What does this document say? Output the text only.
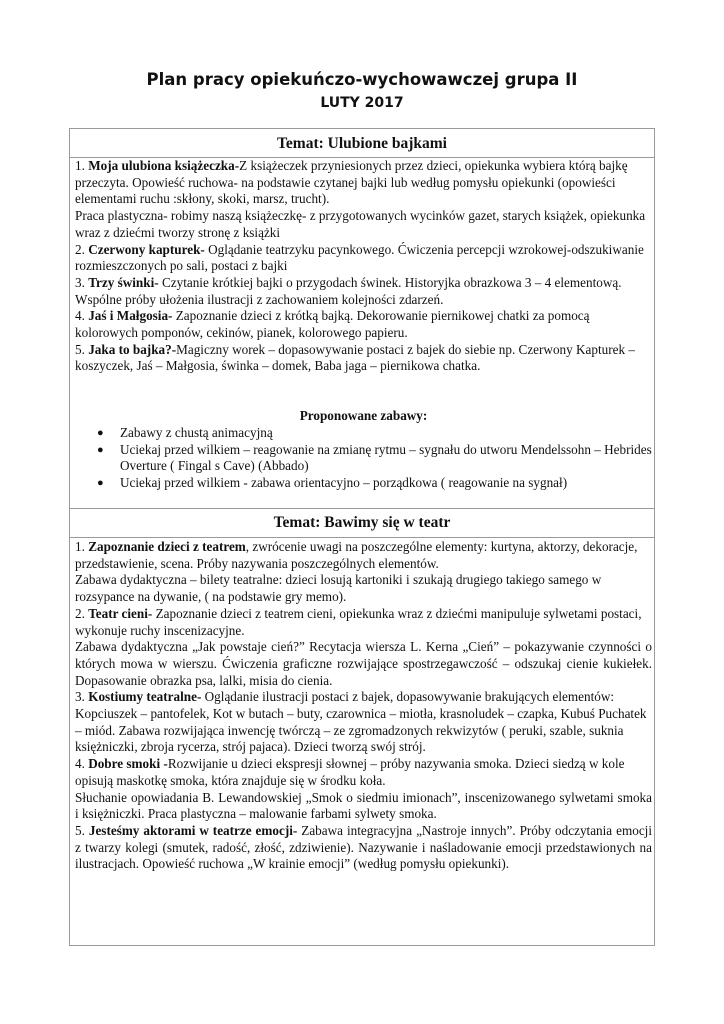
Plan pracy opiekuńczo-wychowawczej grupa II
LUTY 2017
Temat: Ulubione bajkami

1. Moja ulubiona książeczka-Z książeczek przyniesionych przez dzieci, opiekunka wybiera którą bajkę przeczyta. Opowieść ruchowa- na podstawie czytanej bajki lub według pomysłu opiekunki (opowieści elementami ruchu :skłony, skoki, marsz, trucht).

Praca plastyczna- robimy naszą książeczkę- z przygotowanych wycinków gazet, starych książek, opiekunka wraz z dziećmi tworzy stronę z książki

2. Czerwony kapturek- Oglądanie teatrzyku pacynkowego. Ćwiczenia percepcji wzrokowej-odszukiwanie rozmieszczonych po sali, postaci z bajki

3. Trzy świnki- Czytanie krótkiej bajki o przygodach świnek. Historyjka obrazkowa 3 – 4 elementową. Wspólne próby ułożenia ilustracji z zachowaniem kolejności zdarzeń.

4. Jaś i Małgosia- Zapoznanie dzieci z krótką bajką. Dekorowanie piernikowej chatki za pomocą kolorowych pomponów, cekinów, pianek, kolorowego papieru.

5. Jaka to bajka?-Magiczny worek – dopasowywanie postaci z bajek do siebie np. Czerwony Kapturek – koszyczek, Jaś – Małgosia, świnka – domek, Baba jaga – piernikowa chatka.

Proponowane zabawy:

● Zabawy z chustą animacyjną
● Uciekaj przed wilkiem – reagowanie na zmianę rytmu – sygnału do utworu Mendelssohn – Hebrides Overture ( Fingal s Cave) (Abbado)
● Uciekaj przed wilkiem - zabawa orientacyjno – porządkowa ( reagowanie na sygnał)
Temat: Bawimy się w teatr

1. Zapoznanie dzieci z teatrem, zwrócenie uwagi na poszczególne elementy: kurtyna, aktorzy, dekoracje, przedstawienie, scena. Próby nazywania poszczególnych elementów.

Zabawa dydaktyczna – bilety teatralne: dzieci losują kartoniki i szukają drugiego takiego samego w rozsypance na dywanie, ( na podstawie gry memo).

2. Teatr cieni- Zapoznanie dzieci z teatrem cieni, opiekunka wraz z dziećmi manipuluje sylwetami postaci, wykonuje ruchy inscenizacyjne.

Zabawa dydaktyczna „Jak powstaje cień?” Recytacja wiersza L. Kerna „Cień” – pokazywanie czynności o których mowa w wierszu. Ćwiczenia graficzne rozwijające spostrzegawczość – odszukaj cienie kukiełek. Dopasowanie obrazka psa, lalki, misia do cienia.

3. Kostiumy teatralne- Oglądanie ilustracji postaci z bajek, dopasowywanie brakujących elementów: Kopciuszek – pantofelek, Kot w butach – buty, czarownica – miotła, krasnoludek – czapka, Kubuś Puchatek – miód. Zabawa rozwijająca inwencję twórczą – ze zgromadzonych rekwizytów ( peruki, szable, suknia księżniczki, zbroja rycerza, strój pajaca). Dzieci tworzą swój strój.

4. Dobre smoki -Rozwijanie u dzieci ekspresji słownej – próby nazywania smoka. Dzieci siedzą w kole opisują maskotkę smoka, która znajduje się w środku koła.

Słuchanie opowiadania B. Lewandowskiej „Smok o siedmiu imionach”, inscenizowanego sylwetami smoka i księżniczki. Praca plastyczna – malowanie farbami sylwety smoka.

5. Jesteśmy aktorami w teatrze emocji- Zabawa integracyjna „Nastroje innych”. Próby odczytania emocji z twarzy kolegi (smutek, radość, złość, zdziwienie). Nazywanie i naśladowanie emocji przedstawionych na ilustracjach. Opowieść ruchowa „W krainie emocji” (według pomysłu opiekunki).
